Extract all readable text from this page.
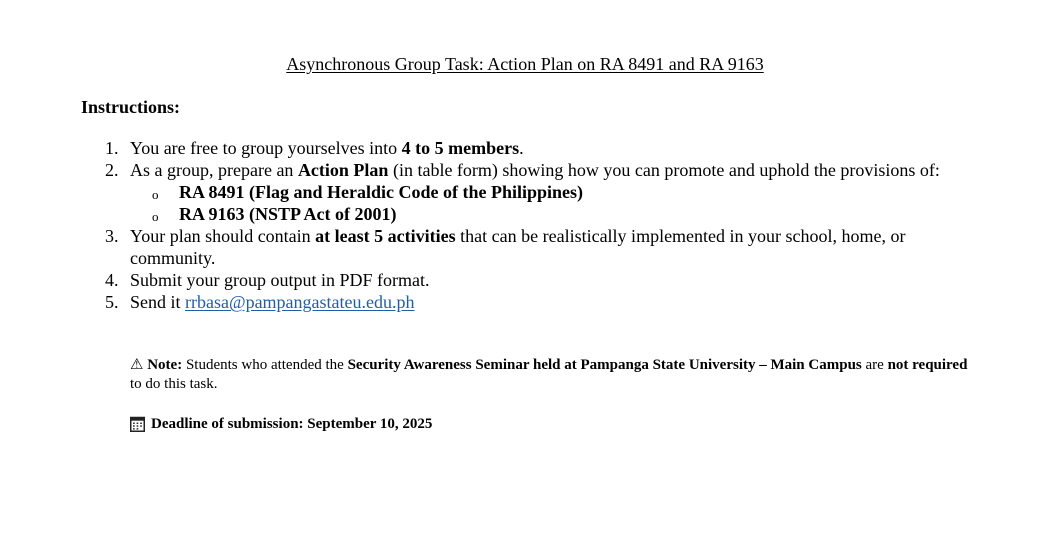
Asynchronous Group Task: Action Plan on RA 8491 and RA 9163
Instructions:
1. You are free to group yourselves into 4 to 5 members.
2. As a group, prepare an Action Plan (in table form) showing how you can promote and uphold the provisions of:
o RA 8491 (Flag and Heraldic Code of the Philippines)
o RA 9163 (NSTP Act of 2001)
3. Your plan should contain at least 5 activities that can be realistically implemented in your school, home, or community.
4. Submit your group output in PDF format.
5. Send it rrbasa@pampangastateu.edu.ph
⚠ Note: Students who attended the Security Awareness Seminar held at Pampanga State University – Main Campus are not required to do this task.
Deadline of submission: September 10, 2025
